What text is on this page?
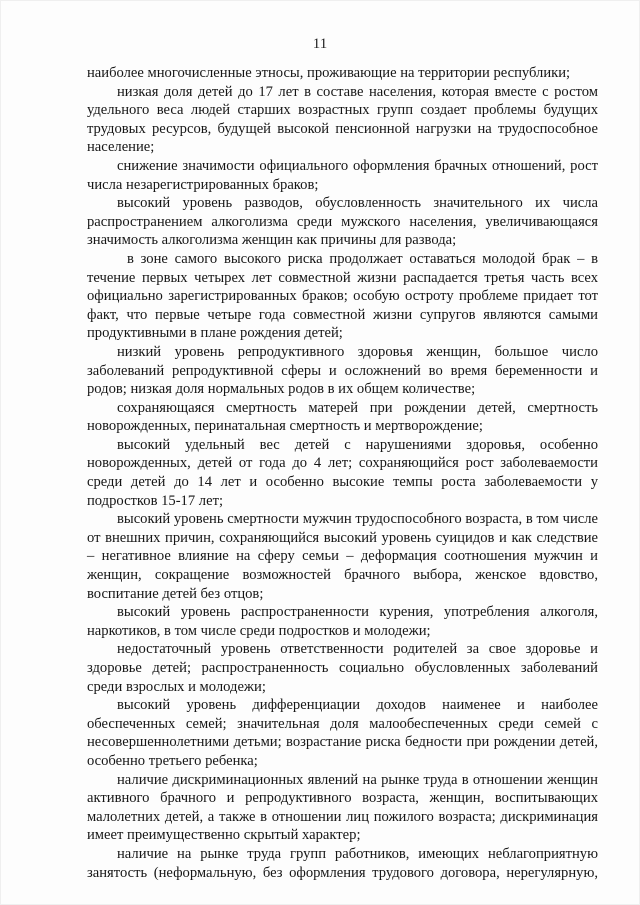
11

наиболее многочисленные этносы, проживающие на территории республики;

низкая доля детей до 17 лет в составе населения, которая вместе с ростом удельного веса людей старших возрастных групп создает проблемы будущих трудовых ресурсов, будущей высокой пенсионной нагрузки на трудоспособное население;

снижение значимости официального оформления брачных отношений, рост числа незарегистрированных браков;

высокий уровень разводов, обусловленность значительного их числа распространением алкоголизма среди мужского населения, увеличивающаяся значимость алкоголизма женщин как причины для развода;

в зоне самого высокого риска продолжает оставаться молодой брак – в течение первых четырех лет совместной жизни распадается третья часть всех официально зарегистрированных браков; особую остроту проблеме придает тот факт, что первые четыре года совместной жизни супругов являются самыми продуктивными в плане рождения детей;

низкий уровень репродуктивного здоровья женщин, большое число заболеваний репродуктивной сферы и осложнений во время беременности и родов; низкая доля нормальных родов в их общем количестве;

сохраняющаяся смертность матерей при рождении детей, смертность новорожденных, перинатальная смертность и мертворождение;

высокий удельный вес детей с нарушениями здоровья, особенно новорожденных, детей от года до 4 лет; сохраняющийся рост заболеваемости среди детей до 14 лет и особенно высокие темпы роста заболеваемости у подростков 15-17 лет;

высокий уровень смертности мужчин трудоспособного возраста, в том числе от внешних причин, сохраняющийся высокий уровень суицидов и как следствие – негативное влияние на сферу семьи – деформация соотношения мужчин и женщин, сокращение возможностей брачного выбора, женское вдовство, воспитание детей без отцов;

высокий уровень распространенности курения, употребления алкоголя, наркотиков, в том числе среди подростков и молодежи;

недостаточный уровень ответственности родителей за свое здоровье и здоровье детей; распространенность социально обусловленных заболеваний среди взрослых и молодежи;

высокий уровень дифференциации доходов наименее и наиболее обеспеченных семей; значительная доля малообеспеченных среди семей с несовершеннолетними детьми; возрастание риска бедности при рождении детей, особенно третьего ребенка;

наличие дискриминационных явлений на рынке труда в отношении женщин активного брачного и репродуктивного возраста, женщин, воспитывающих малолетних детей, а также в отношении лиц пожилого возраста; дискриминация имеет преимущественно скрытый характер;

наличие на рынке труда групп работников, имеющих неблагоприятную занятость (неформальную, без оформления трудового договора, нерегулярную,
